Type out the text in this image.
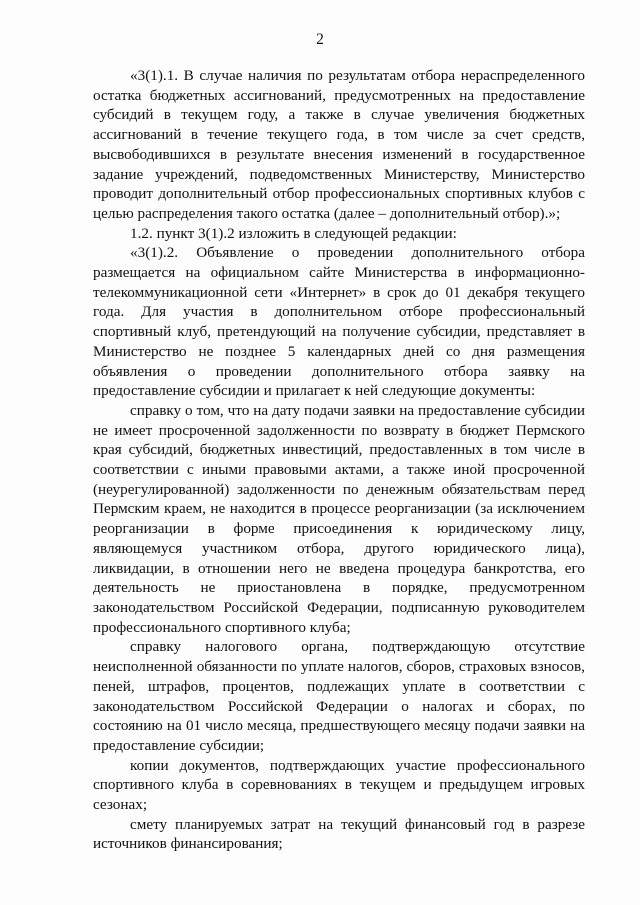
2

«3(1).1. В случае наличия по результатам отбора нераспределенного остатка бюджетных ассигнований, предусмотренных на предоставление субсидий в текущем году, а также в случае увеличения бюджетных ассигнований в течение текущего года, в том числе за счет средств, высвободившихся в результате внесения изменений в государственное задание учреждений, подведомственных Министерству, Министерство проводит дополнительный отбор профессиональных спортивных клубов с целью распределения такого остатка (далее – дополнительный отбор).»;

1.2. пункт 3(1).2 изложить в следующей редакции:

«3(1).2. Объявление о проведении дополнительного отбора размещается на официальном сайте Министерства в информационно-телекоммуникационной сети «Интернет» в срок до 01 декабря текущего года. Для участия в дополнительном отборе профессиональный спортивный клуб, претендующий на получение субсидии, представляет в Министерство не позднее 5 календарных дней со дня размещения объявления о проведении дополнительного отбора заявку на предоставление субсидии и прилагает к ней следующие документы:

справку о том, что на дату подачи заявки на предоставление субсидии не имеет просроченной задолженности по возврату в бюджет Пермского края субсидий, бюджетных инвестиций, предоставленных в том числе в соответствии с иными правовыми актами, а также иной просроченной (неурегулированной) задолженности по денежным обязательствам перед Пермским краем, не находится в процессе реорганизации (за исключением реорганизации в форме присоединения к юридическому лицу, являющемуся участником отбора, другого юридического лица), ликвидации, в отношении него не введена процедура банкротства, его деятельность не приостановлена в порядке, предусмотренном законодательством Российской Федерации, подписанную руководителем профессионального спортивного клуба;

справку налогового органа, подтверждающую отсутствие неисполненной обязанности по уплате налогов, сборов, страховых взносов, пеней, штрафов, процентов, подлежащих уплате в соответствии с законодательством Российской Федерации о налогах и сборах, по состоянию на 01 число месяца, предшествующего месяцу подачи заявки на предоставление субсидии;

копии документов, подтверждающих участие профессионального спортивного клуба в соревнованиях в текущем и предыдущем игровых сезонах;

смету планируемых затрат на текущий финансовый год в разрезе источников финансирования;
